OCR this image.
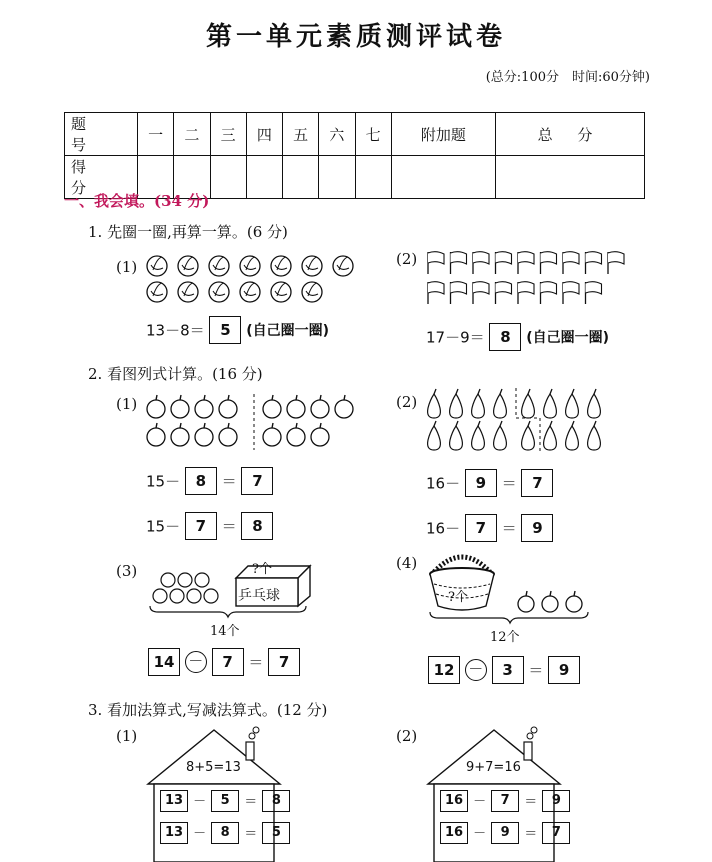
第一单元素质测评试卷
(总分:100分　时间:60分钟)
题 号	一	二	三	四	五	六	七	附加题	总 分
得 分									
一、我会填。(34 分)
1. 先圈一圈,再算一算。(6 分)
(1)
13－8＝ 5 (自己圈一圈)
(2)
17－9＝ 8 (自己圈一圈)
2. 看图列式计算。(16 分)
(1)
15－ 8 ＝ 7
15－ 7 ＝ 8
(2)
16－ 9 ＝ 7
16－ 7 ＝ 9
(3)	?个
乒乓球
14个
14 － 7 ＝ 7
(4)
?个
12个
12 － 3 ＝ 9
3. 看加法算式,写减法算式。(12 分)
(1)	(2)
8+5=13
13 － 5 ＝ 8
13 － 8 ＝ 5
9+7=16
16 － 7 ＝ 9
16 － 9 ＝ 7
